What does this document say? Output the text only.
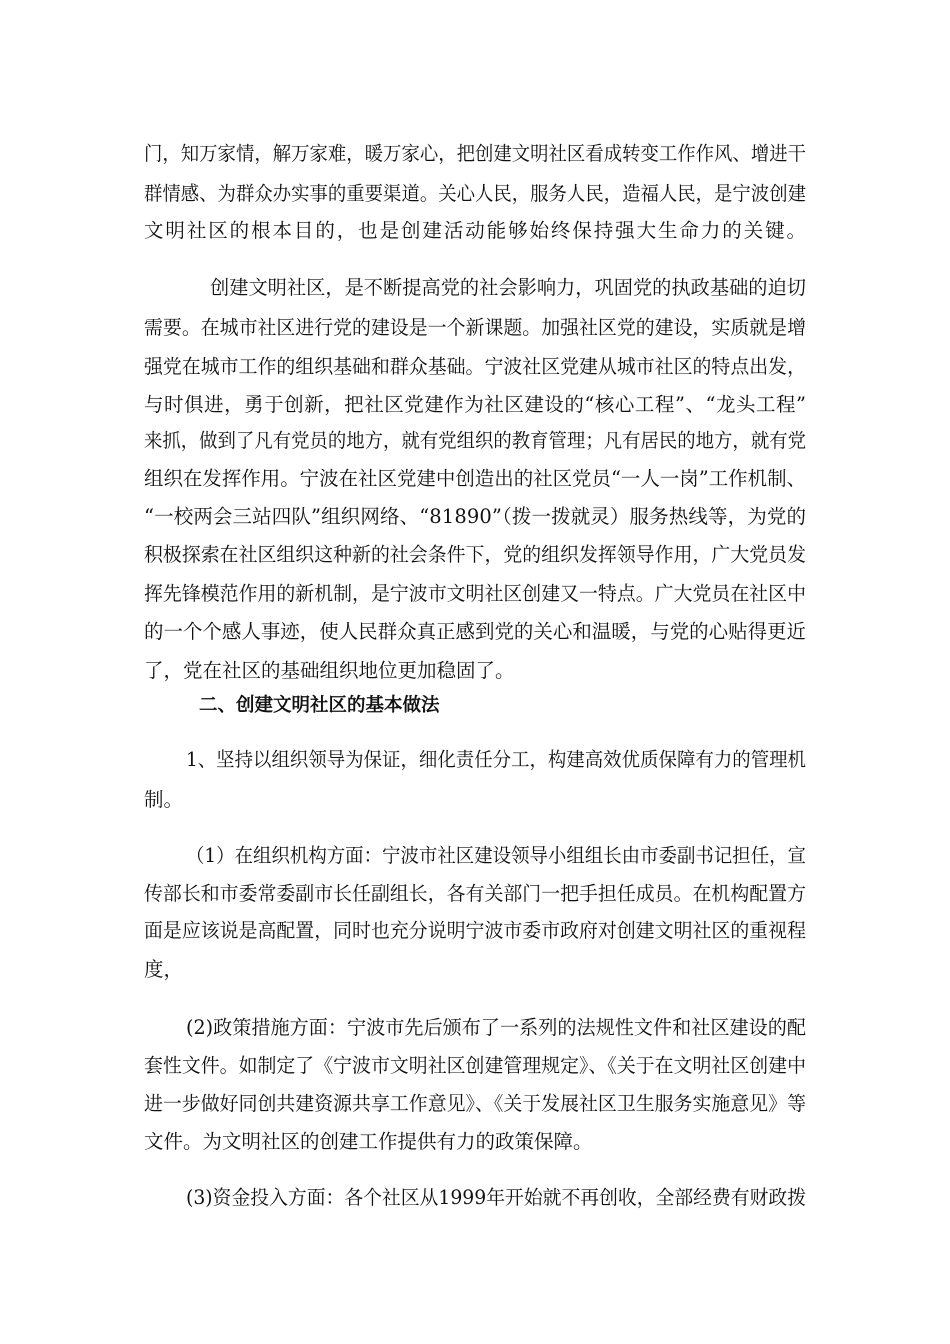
门，知万家情，解万家难，暖万家心，把创建文明社区看成转变工作作风、增进干
群情感、为群众办实事的重要渠道。关心人民，服务人民，造福人民，是宁波创建
文明社区的根本目的，也是创建活动能够始终保持强大生命力的关键。
创建文明社区，是不断提高党的社会影响力，巩固党的执政基础的迫切
需要。在城市社区进行党的建设是一个新课题。加强社区党的建设，实质就是增
强党在城市工作的组织基础和群众基础。宁波社区党建从城市社区的特点出发，
与时俱进，勇于创新，把社区党建作为社区建设的“核心工程”、“龙头工程”
来抓，做到了凡有党员的地方，就有党组织的教育管理；凡有居民的地方，就有党
组织在发挥作用。宁波在社区党建中创造出的社区党员“一人一岗”工作机制、
“一校两会三站四队”组织网络、“81890”（拨一拨就灵）服务热线等，为党的
积极探索在社区组织这种新的社会条件下，党的组织发挥领导作用，广大党员发
挥先锋模范作用的新机制，是宁波市文明社区创建又一特点。广大党员在社区中
的一个个感人事迹，使人民群众真正感到党的关心和温暖，与党的心贴得更近
了，党在社区的基础组织地位更加稳固了。
二、创建文明社区的基本做法
1、坚持以组织领导为保证，细化责任分工，构建高效优质保障有力的管理机
制。
（1）在组织机构方面：宁波市社区建设领导小组组长由市委副书记担任，宣
传部长和市委常委副市长任副组长，各有关部门一把手担任成员。在机构配置方
面是应该说是高配置，同时也充分说明宁波市委市政府对创建文明社区的重视程
度，
(2)政策措施方面：宁波市先后颁布了一系列的法规性文件和社区建设的配
套性文件。如制定了《宁波市文明社区创建管理规定》、《关于在文明社区创建中
进一步做好同创共建资源共享工作意见》、《关于发展社区卫生服务实施意见》等
文件。为文明社区的创建工作提供有力的政策保障。
(3)资金投入方面：各个社区从1999年开始就不再创收，全部经费有财政拨
